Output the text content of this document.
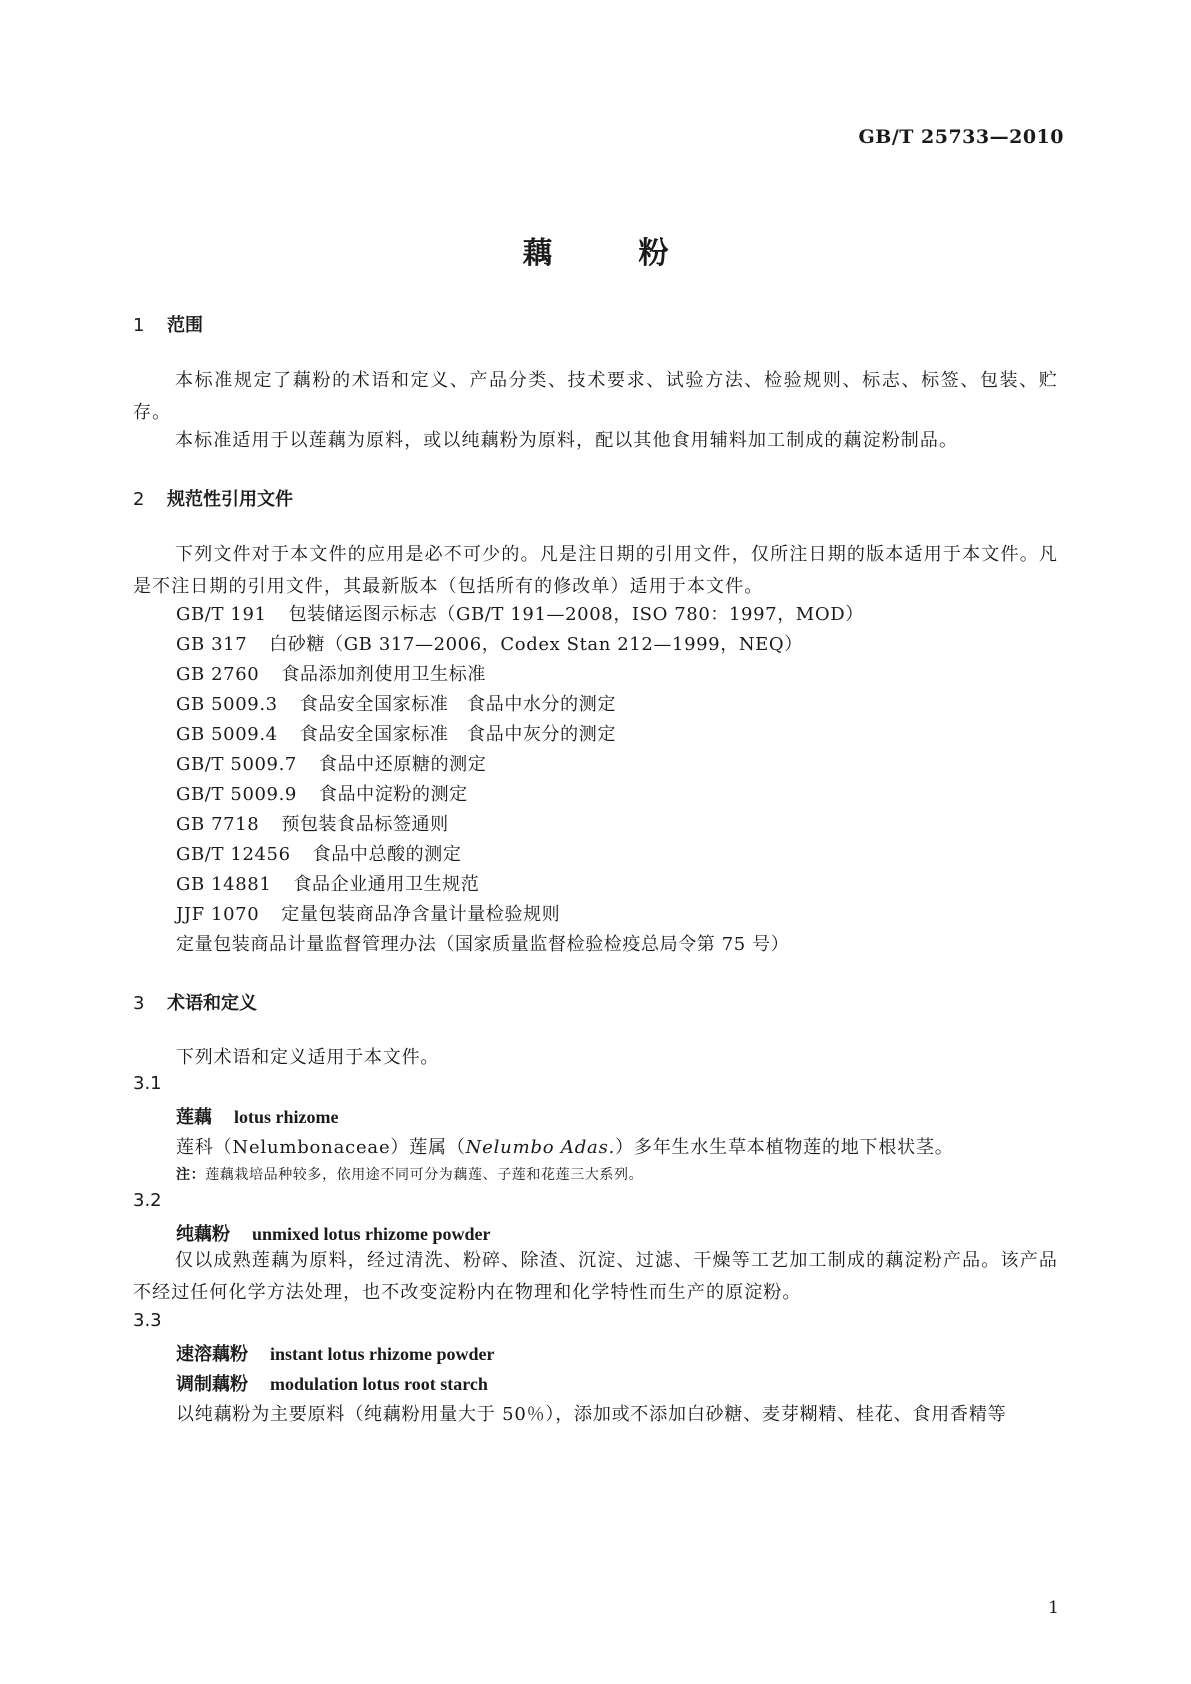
GB/T 25733—2010
藕	粉
1 范围
本标准规定了藕粉的术语和定义、产品分类、技术要求、试验方法、检验规则、标志、标签、包装、贮存。
本标准适用于以莲藕为原料，或以纯藕粉为原料，配以其他食用辅料加工制成的藕淀粉制品。
2 规范性引用文件
下列文件对于本文件的应用是必不可少的。凡是注日期的引用文件，仅所注日期的版本适用于本文件。凡是不注日期的引用文件，其最新版本（包括所有的修改单）适用于本文件。
GB/T 191 包装储运图示标志（GB/T 191—2008，ISO 780：1997，MOD）
GB 317 白砂糖（GB 317—2006，Codex Stan 212—1999，NEQ）
GB 2760 食品添加剂使用卫生标准
GB 5009.3 食品安全国家标准　食品中水分的测定
GB 5009.4 食品安全国家标准　食品中灰分的测定
GB/T 5009.7 食品中还原糖的测定
GB/T 5009.9 食品中淀粉的测定
GB 7718 预包装食品标签通则
GB/T 12456 食品中总酸的测定
GB 14881 食品企业通用卫生规范
JJF 1070 定量包装商品净含量计量检验规则
定量包装商品计量监督管理办法（国家质量监督检验检疫总局令第 75 号）
3 术语和定义
下列术语和定义适用于本文件。
3.1
莲藕 lotus rhizome
莲科（Nelumbonaceae）莲属（Nelumbo Adas.）多年生水生草本植物莲的地下根状茎。
注：莲藕栽培品种较多，依用途不同可分为藕莲、子莲和花莲三大系列。
3.2
纯藕粉 unmixed lotus rhizome powder
仅以成熟莲藕为原料，经过清洗、粉碎、除渣、沉淀、过滤、干燥等工艺加工制成的藕淀粉产品。该产品不经过任何化学方法处理，也不改变淀粉内在物理和化学特性而生产的原淀粉。
3.3
速溶藕粉 instant lotus rhizome powder
调制藕粉 modulation lotus root starch
以纯藕粉为主要原料（纯藕粉用量大于 50％），添加或不添加白砂糖、麦芽糊精、桂花、食用香精等
1
